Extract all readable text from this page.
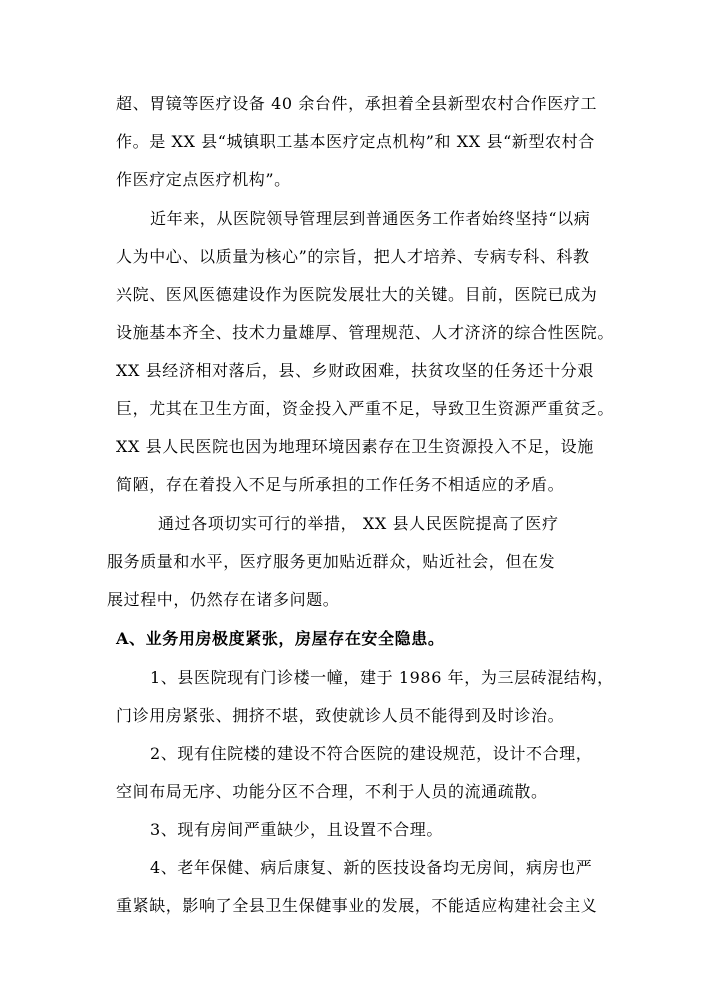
超、胃镜等医疗设备 40 余台件，承担着全县新型农村合作医疗工
作。是 XX 县“城镇职工基本医疗定点机构”和 XX 县“新型农村合
作医疗定点医疗机构”。
近年来，从医院领导管理层到普通医务工作者始终坚持“以病
人为中心、以质量为核心”的宗旨，把人才培养、专病专科、科教
兴院、医风医德建设作为医院发展壮大的关键。目前，医院已成为
设施基本齐全、技术力量雄厚、管理规范、人才济济的综合性医院。
XX 县经济相对落后，县、乡财政困难，扶贫攻坚的任务还十分艰
巨，尤其在卫生方面，资金投入严重不足，导致卫生资源严重贫乏。
XX 县人民医院也因为地理环境因素存在卫生资源投入不足，设施
简陋，存在着投入不足与所承担的工作任务不相适应的矛盾。
通过各项切实可行的举措， XX 县人民医院提高了医疗
服务质量和水平，医疗服务更加贴近群众，贴近社会，但在发
展过程中，仍然存在诸多问题。
A、业务用房极度紧张，房屋存在安全隐患。
1、县医院现有门诊楼一幢，建于 1986 年，为三层砖混结构，
门诊用房紧张、拥挤不堪，致使就诊人员不能得到及时诊治。
2、现有住院楼的建设不符合医院的建设规范，设计不合理，
空间布局无序、功能分区不合理，不利于人员的流通疏散。
3、现有房间严重缺少，且设置不合理。
4、老年保健、病后康复、新的医技设备均无房间，病房也严
重紧缺，影响了全县卫生保健事业的发展，不能适应构建社会主义
